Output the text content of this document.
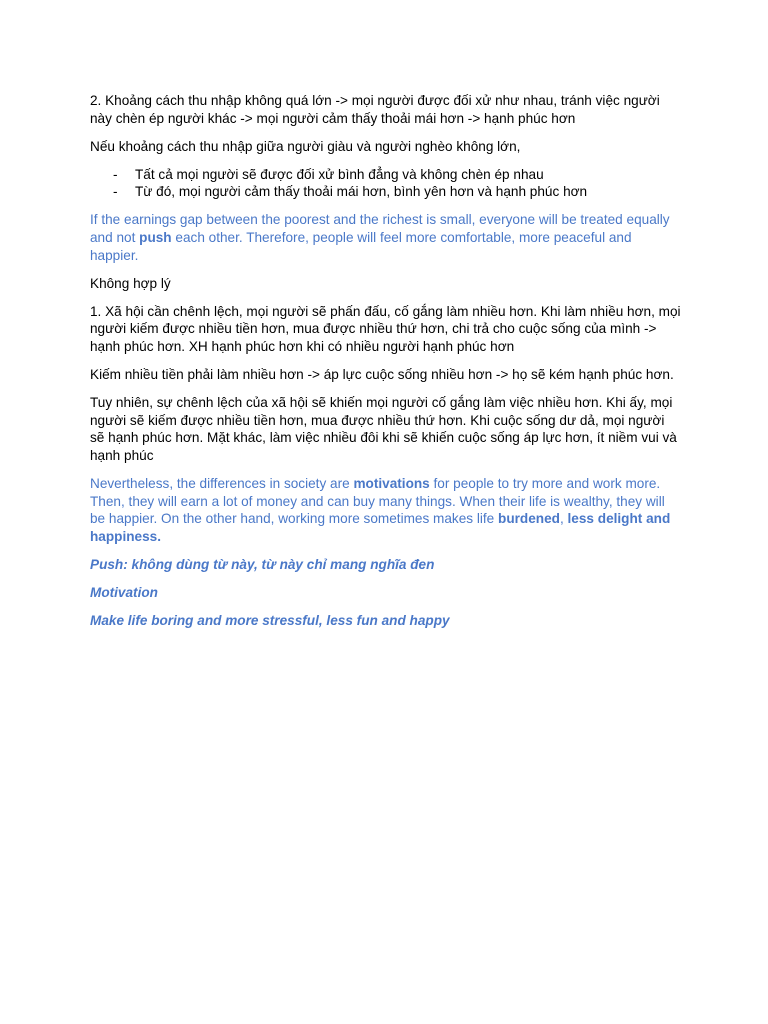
2. Khoảng cách thu nhập không quá lớn -> mọi người được đối xử như nhau, tránh việc người này chèn ép người khác -> mọi người cảm thấy thoải mái hơn -> hạnh phúc hơn

Nếu khoảng cách thu nhập giữa người giàu và người nghèo không lớn,

- Tất cả mọi người sẽ được đối xử bình đẳng và không chèn ép nhau
- Từ đó, mọi người cảm thấy thoải mái hơn, bình yên hơn và hạnh phúc hơn

If the earnings gap between the poorest and the richest is small, everyone will be treated equally and not push each other. Therefore, people will feel more comfortable, more peaceful and happier.

Không hợp lý

1. Xã hội cần chênh lệch, mọi người sẽ phấn đấu, cố gắng làm nhiều hơn. Khi làm nhiều hơn, mọi người kiếm được nhiều tiền hơn, mua được nhiều thứ hơn, chi trả cho cuộc sống của mình -> hạnh phúc hơn. XH hạnh phúc hơn khi có nhiều người hạnh phúc hơn

Kiếm nhiều tiền phải làm nhiều hơn -> áp lực cuộc sống nhiều hơn -> họ sẽ kém hạnh phúc hơn.

Tuy nhiên, sự chênh lệch của xã hội sẽ khiến mọi người cố gắng làm việc nhiều hơn. Khi ấy, mọi người sẽ kiếm được nhiều tiền hơn, mua được nhiều thứ hơn. Khi cuộc sống dư dả, mọi người sẽ hạnh phúc hơn. Mặt khác, làm việc nhiều đôi khi sẽ khiến cuộc sống áp lực hơn, ít niềm vui và hạnh phúc

Nevertheless, the differences in society are motivations for people to try more and work more. Then, they will earn a lot of money and can buy many things. When their life is wealthy, they will be happier. On the other hand, working more sometimes makes life burdened, less delight and happiness.

Push: không dùng từ này, từ này chỉ mang nghĩa đen

Motivation

Make life boring and more stressful, less fun and happy
